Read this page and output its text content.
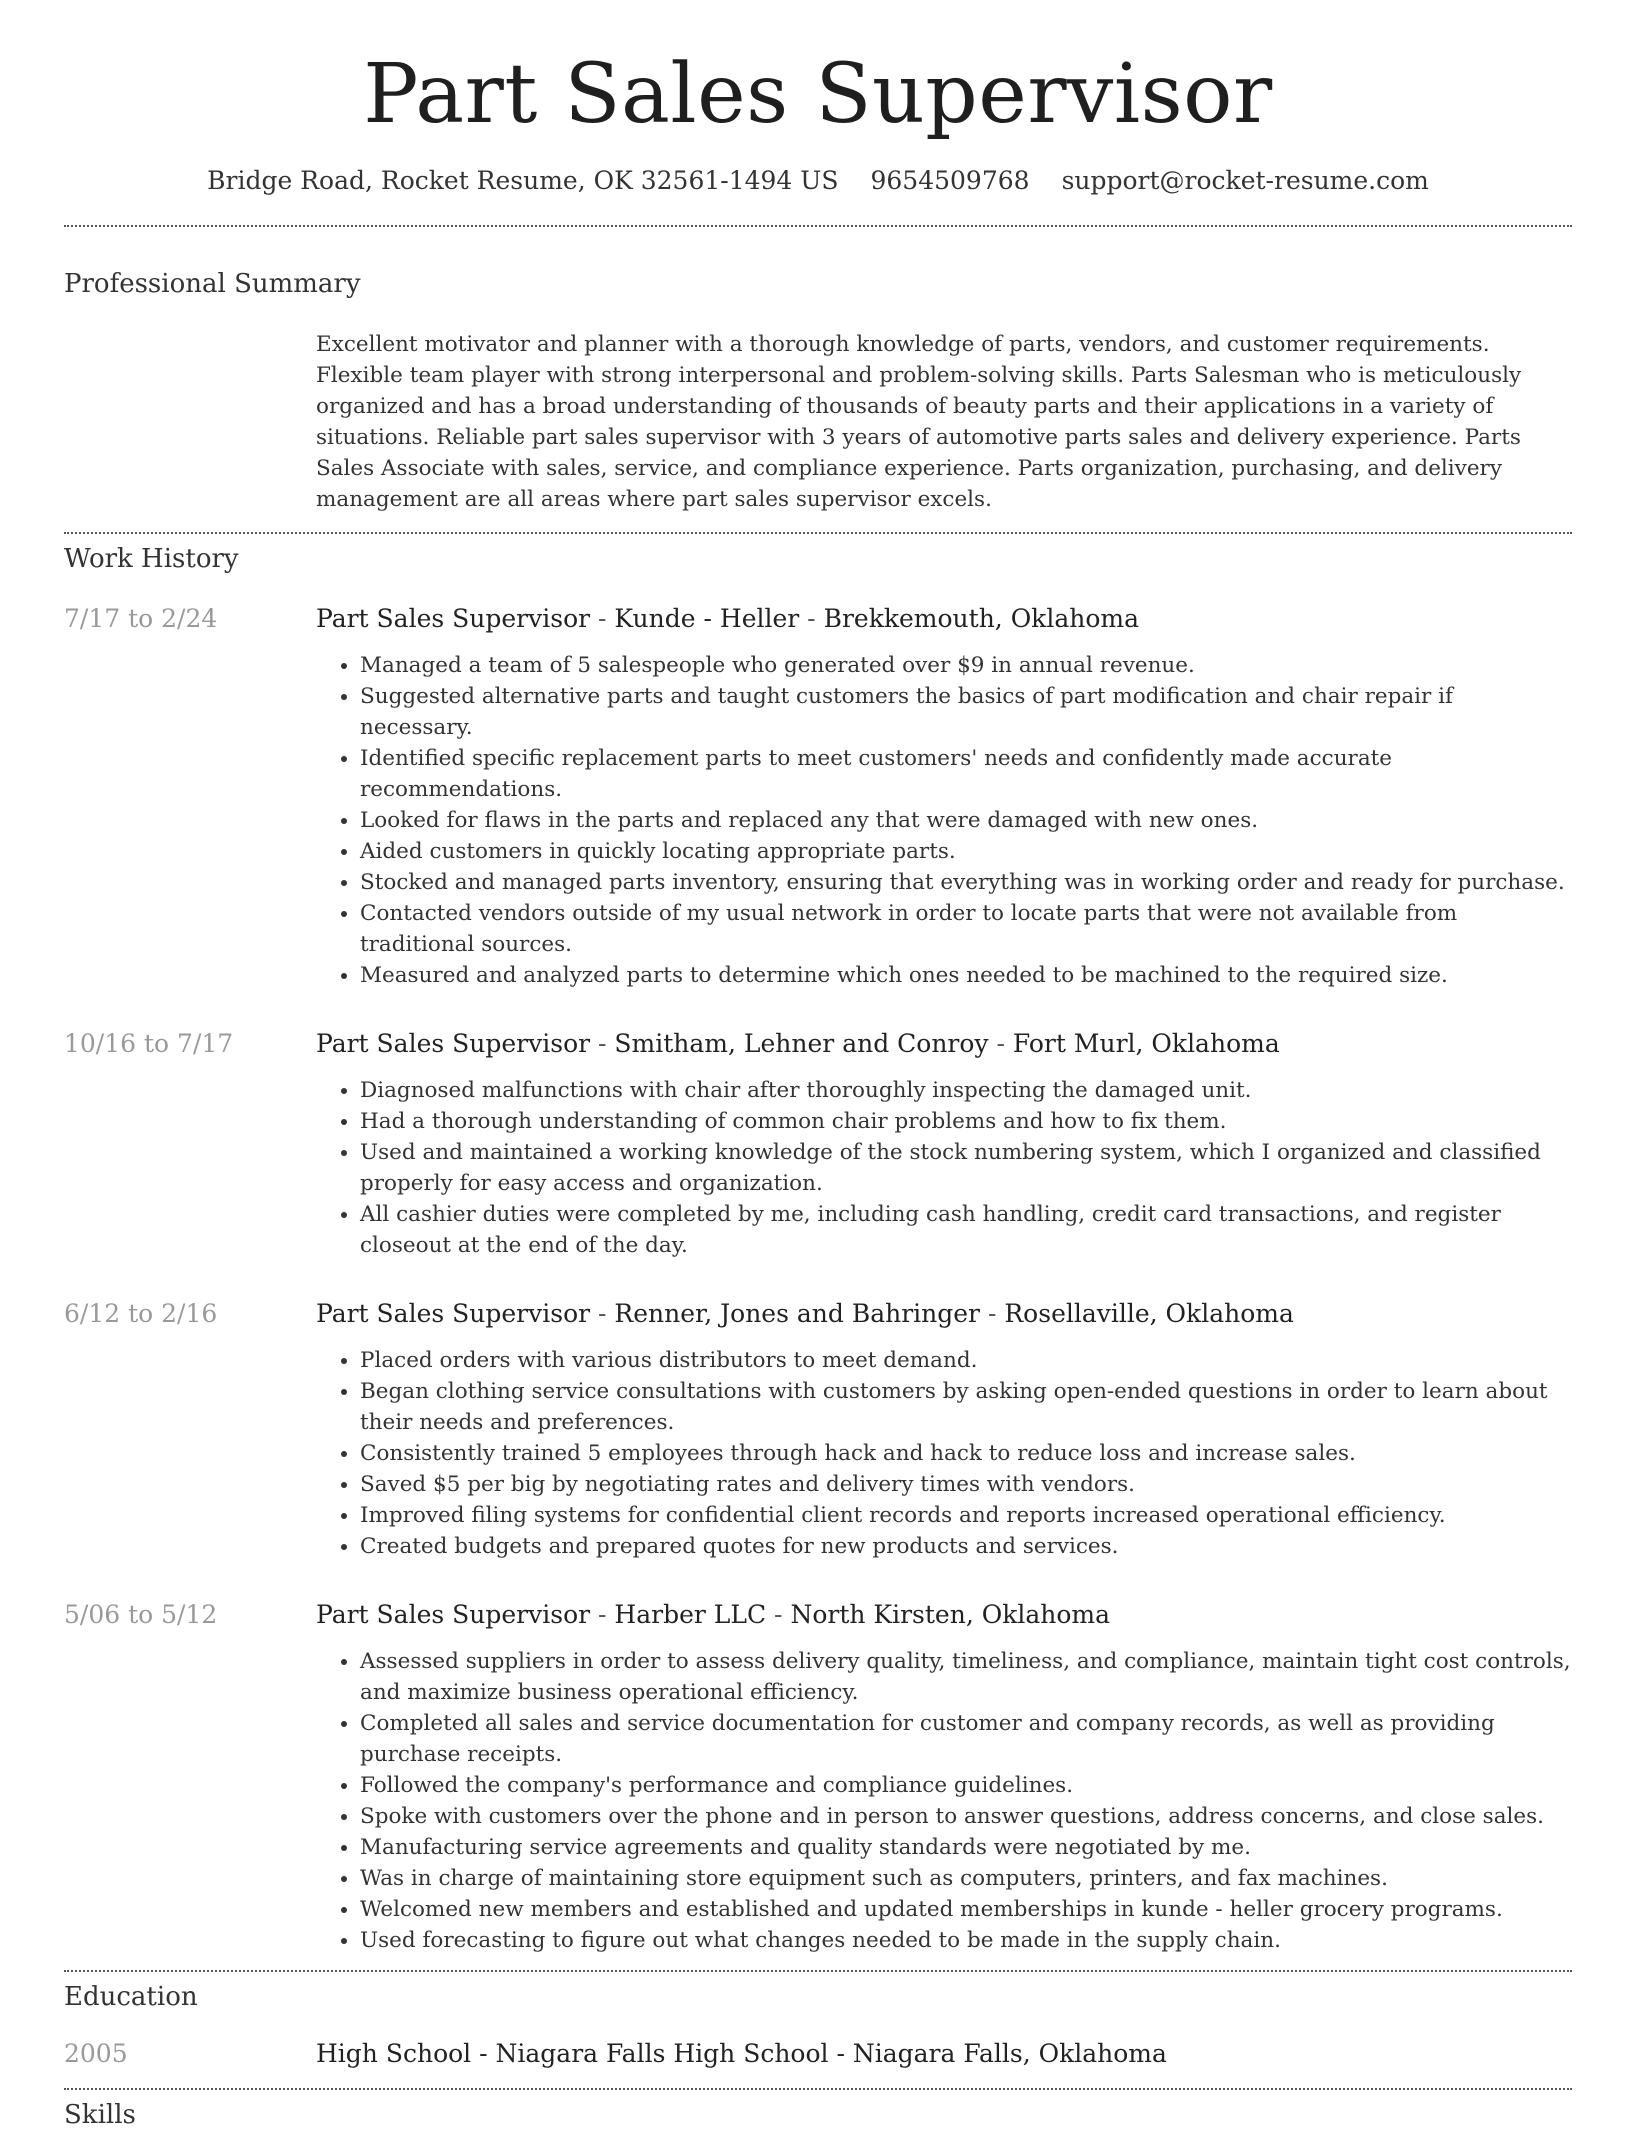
Part Sales Supervisor
Bridge Road, Rocket Resume, OK 32561-1494 US 9654509768 support@rocket-resume.com
Professional Summary

Excellent motivator and planner with a thorough knowledge of parts, vendors, and customer requirements. Flexible team player with strong interpersonal and problem-solving skills. Parts Salesman who is meticulously organized and has a broad understanding of thousands of beauty parts and their applications in a variety of situations. Reliable part sales supervisor with 3 years of automotive parts sales and delivery experience. Parts Sales Associate with sales, service, and compliance experience. Parts organization, purchasing, and delivery management are all areas where part sales supervisor excels.

Work History
7/17 to 2/24	Part Sales Supervisor - Kunde - Heller - Brekkemouth, Oklahoma
• Managed a team of 5 salespeople who generated over $9 in annual revenue.
• Suggested alternative parts and taught customers the basics of part modification and chair repair if necessary.
• Identified specific replacement parts to meet customers' needs and confidently made accurate recommendations.
• Looked for flaws in the parts and replaced any that were damaged with new ones.
• Aided customers in quickly locating appropriate parts.
• Stocked and managed parts inventory, ensuring that everything was in working order and ready for purchase.
• Contacted vendors outside of my usual network in order to locate parts that were not available from traditional sources.
• Measured and analyzed parts to determine which ones needed to be machined to the required size.
10/16 to 7/17	Part Sales Supervisor - Smitham, Lehner and Conroy - Fort Murl, Oklahoma
• Diagnosed malfunctions with chair after thoroughly inspecting the damaged unit.
• Had a thorough understanding of common chair problems and how to fix them.
• Used and maintained a working knowledge of the stock numbering system, which I organized and classified properly for easy access and organization.
• All cashier duties were completed by me, including cash handling, credit card transactions, and register closeout at the end of the day.
6/12 to 2/16	Part Sales Supervisor - Renner, Jones and Bahringer - Rosellaville, Oklahoma
• Placed orders with various distributors to meet demand.
• Began clothing service consultations with customers by asking open-ended questions in order to learn about their needs and preferences.
• Consistently trained 5 employees through hack and hack to reduce loss and increase sales.
• Saved $5 per big by negotiating rates and delivery times with vendors.
• Improved filing systems for confidential client records and reports increased operational efficiency.
• Created budgets and prepared quotes for new products and services.
5/06 to 5/12	Part Sales Supervisor - Harber LLC - North Kirsten, Oklahoma
• Assessed suppliers in order to assess delivery quality, timeliness, and compliance, maintain tight cost controls, and maximize business operational efficiency.
• Completed all sales and service documentation for customer and company records, as well as providing purchase receipts.
• Followed the company's performance and compliance guidelines.
• Spoke with customers over the phone and in person to answer questions, address concerns, and close sales.
• Manufacturing service agreements and quality standards were negotiated by me.
• Was in charge of maintaining store equipment such as computers, printers, and fax machines.
• Welcomed new members and established and updated memberships in kunde - heller grocery programs.
• Used forecasting to figure out what changes needed to be made in the supply chain.
Education
2005	High School - Niagara Falls High School - Niagara Falls, Oklahoma
Skills
